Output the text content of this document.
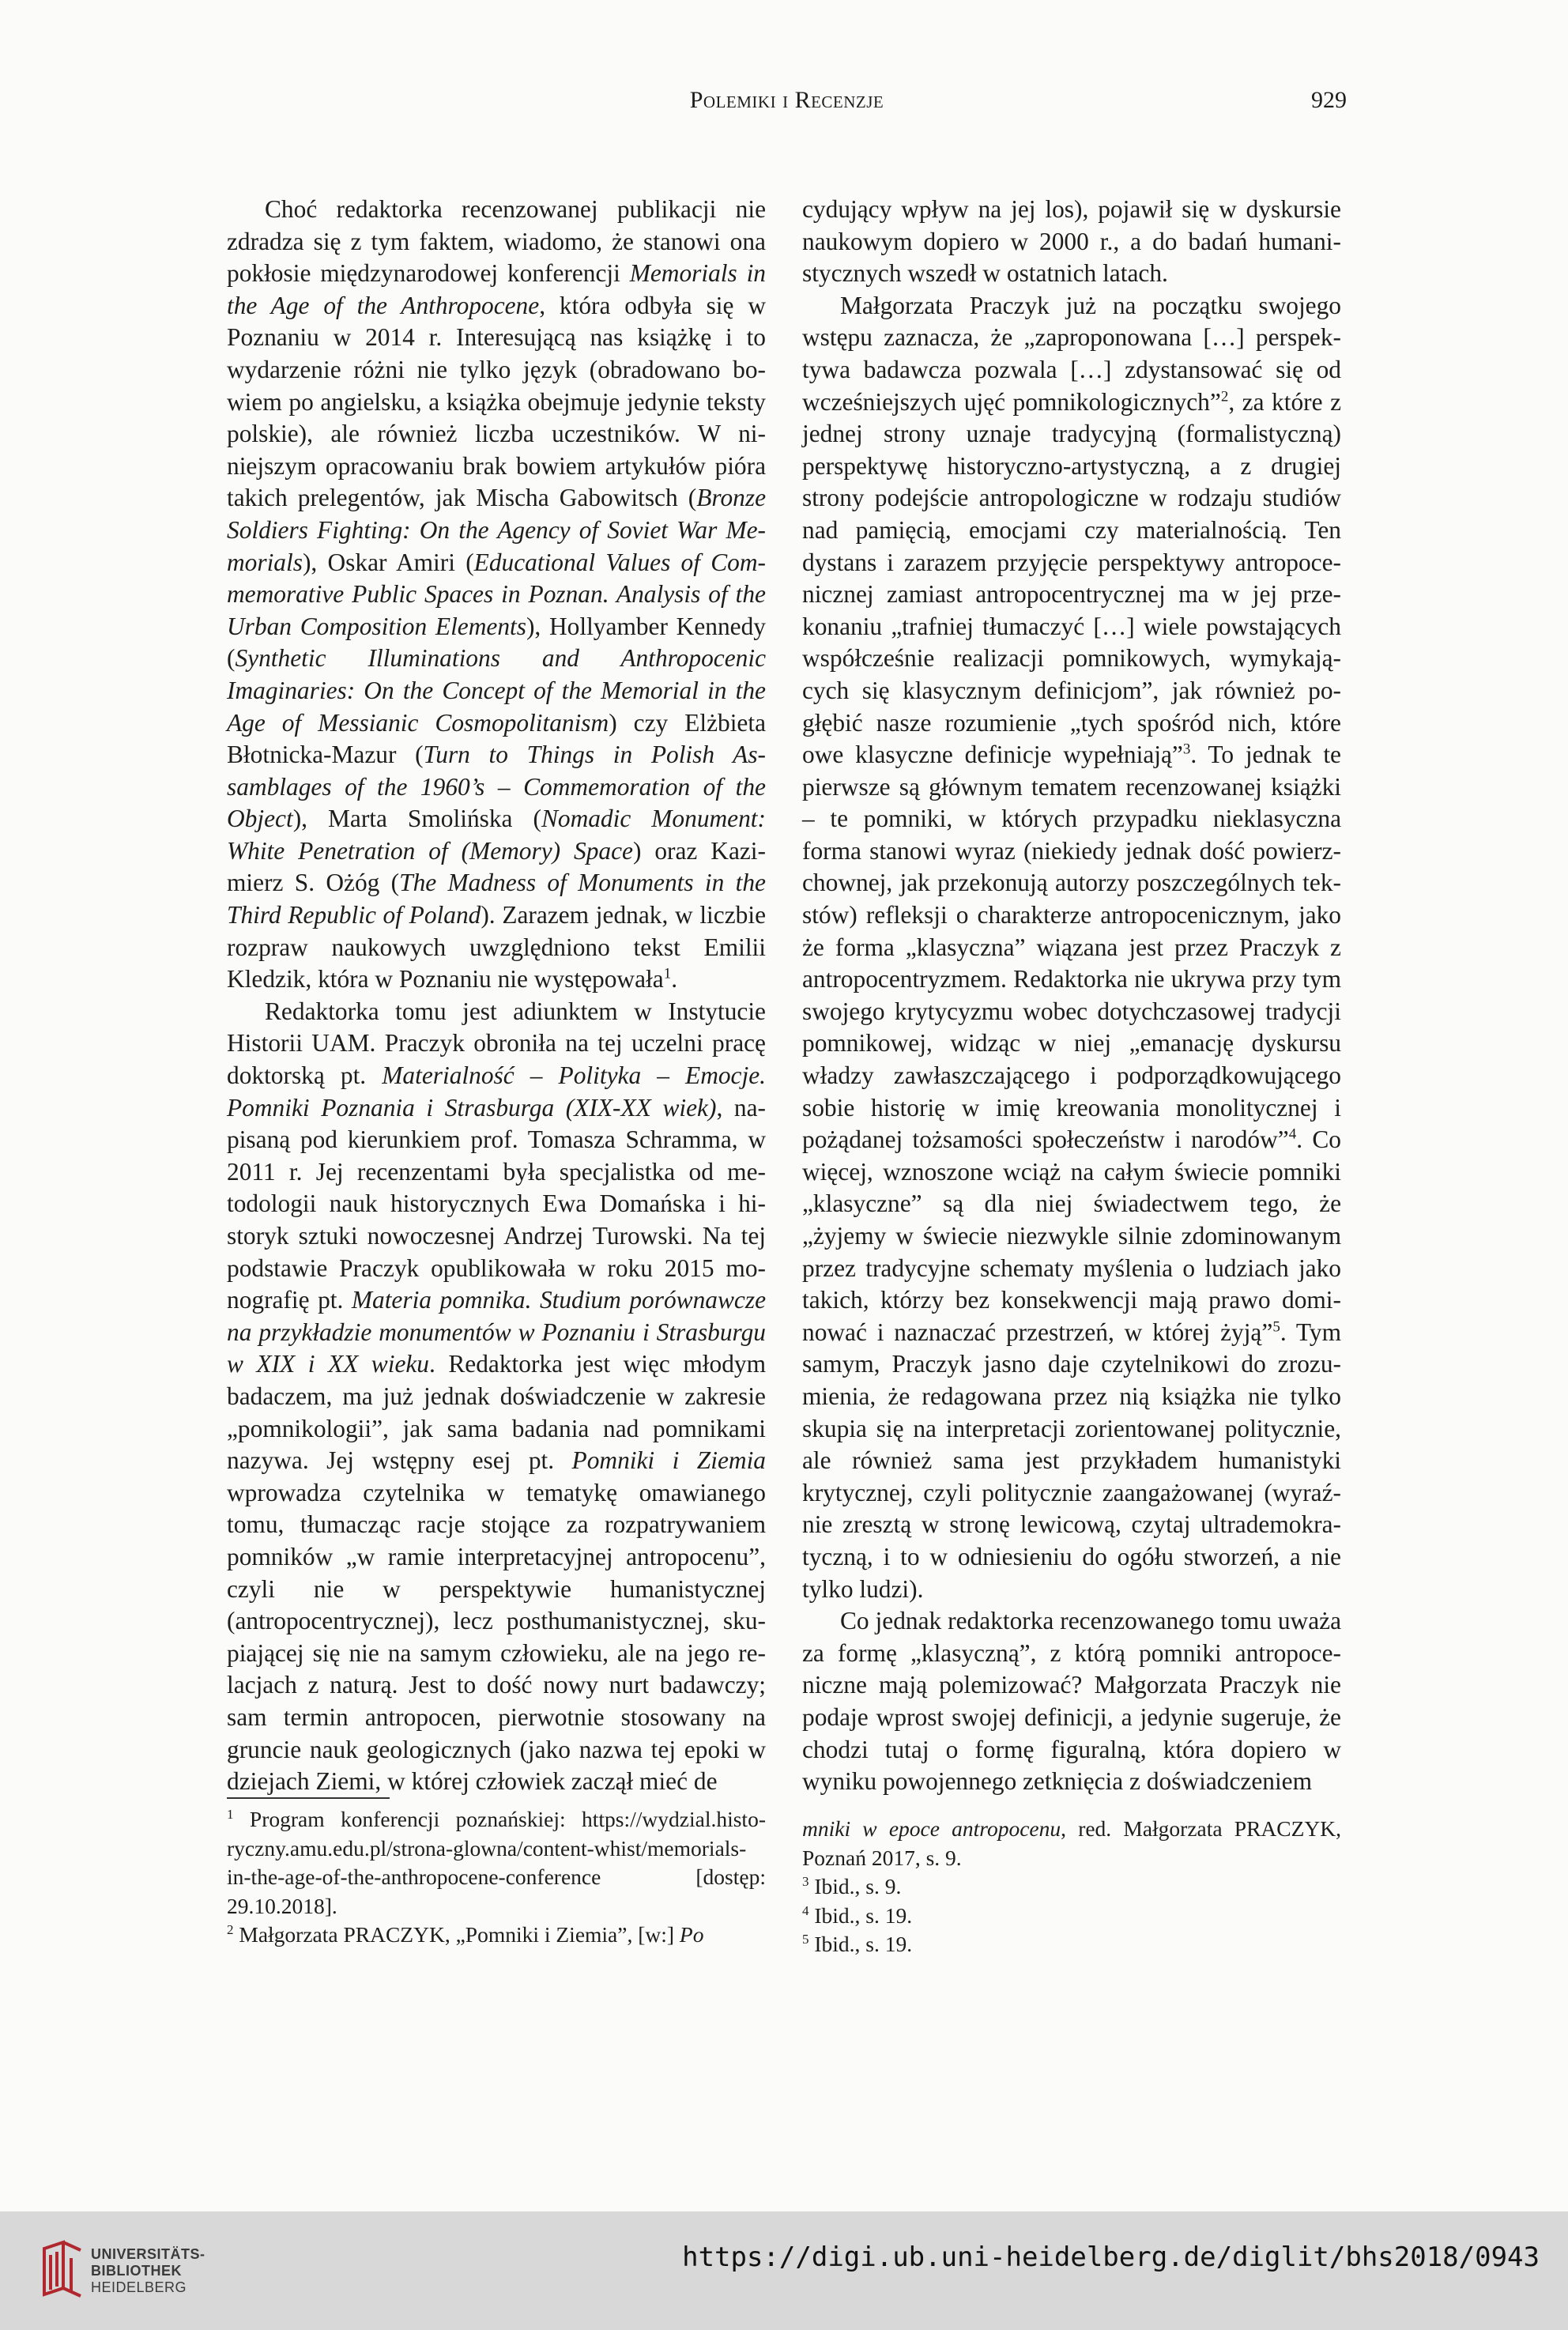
Polemiki i Recenzje	929

Choć redaktorka recenzowanej publikacji nie zdradza się z tym faktem, wiadomo, że stanowi ona pokłosie międzynarodowej konferencji Memorials in the Age of the Anthropocene, która odbyła się w Poznaniu w 2014 r. Interesującą nas książkę i to wydarzenie różni nie tylko język (obradowano bowiem po angielsku, a książka obejmuje jedynie teksty polskie), ale również liczba uczestników. W niniejszym opracowaniu brak bowiem artykułów pióra takich prelegentów, jak Mischa Gabowitsch (Bronze Soldiers Fighting: On the Agency of Soviet War Memorials), Oskar Amiri (Educational Values of Commemorative Public Spaces in Poznan. Analysis of the Urban Composition Elements), Hollyamber Kennedy (Synthetic Illuminations and Anthropocenic Imaginaries: On the Concept of the Memorial in the Age of Messianic Cosmopolitanism) czy Elżbieta Błotnicka-Mazur (Turn to Things in Polish Assamblages of the 1960’s – Commemoration of the Object), Marta Smolińska (Nomadic Monument: White Penetration of (Memory) Space) oraz Kazimierz S. Ożóg (The Madness of Monuments in the Third Republic of Poland). Zarazem jednak, w liczbie rozpraw naukowych uwzględniono tekst Emilii Kledzik, która w Poznaniu nie występowała$^1$.

Redaktorka tomu jest adiunktem w Instytucie Historii UAM. Praczyk obroniła na tej uczelni pracę doktorską pt. Materialność – Polityka – Emocje. Pomniki Poznania i Strasburga (XIX-XX wiek), napisaną pod kierunkiem prof. Tomasza Schramma, w 2011 r. Jej recenzentami była specjalistka od metodologii nauk historycznych Ewa Domańska i historyk sztuki nowoczesnej Andrzej Turowski. Na tej podstawie Praczyk opublikowała w roku 2015 monografię pt. Materia pomnika. Studium porównawcze na przykładzie monumentów w Poznaniu i Strasburgu w XIX i XX wieku. Redaktorka jest więc młodym badaczem, ma już jednak doświadczenie w zakresie „pomnikologii”, jak sama badania nad pomnikami nazywa. Jej wstępny esej pt. Pomniki i Ziemia wprowadza czytelnika w tematykę omawianego tomu, tłumacząc racje stojące za rozpatrywaniem pomników „w ramie interpretacyjnej antropocenu”, czyli nie w perspektywie humanistycznej (antropocentrycznej), lecz posthumanistycznej, skupiającej się nie na samym człowieku, ale na jego relacjach z naturą. Jest to dość nowy nurt badawczy; sam termin antropocen, pierwotnie stosowany na gruncie nauk geologicznych (jako nazwa tej epoki w dziejach Ziemi, w której człowiek zaczął mieć de

cydujący wpływ na jej los), pojawił się w dyskursie naukowym dopiero w 2000 r., a do badań humanistycznych wszedł w ostatnich latach.

Małgorzata Praczyk już na początku swojego wstępu zaznacza, że „zaproponowana […] perspektywa badawcza pozwala […] zdystansować się od wcześniejszych ujęć pomnikologicznych”$^2$, za które z jednej strony uznaje tradycyjną (formalistyczną) perspektywę historyczno-artystyczną, a z drugiej strony podejście antropologiczne w rodzaju studiów nad pamięcią, emocjami czy materialnością. Ten dystans i zarazem przyjęcie perspektywy antropocenicznej zamiast antropocentrycznej ma w jej przekonaniu „trafniej tłumaczyć […] wiele powstających współcześnie realizacji pomnikowych, wymykających się klasycznym definicjom”, jak również pogłębić nasze rozumienie „tych spośród nich, które owe klasyczne definicje wypełniają”$^3$. To jednak te pierwsze są głównym tematem recenzowanej książki – te pomniki, w których przypadku nieklasyczna forma stanowi wyraz (niekiedy jednak dość powierzchownej, jak przekonują autorzy poszczególnych tekstów) refleksji o charakterze antropocenicznym, jako że forma „klasyczna” wiązana jest przez Praczyk z antropocentryzmem. Redaktorka nie ukrywa przy tym swojego krytycyzmu wobec dotychczasowej tradycji pomnikowej, widząc w niej „emanację dyskursu władzy zawłaszczającego i podporządkowującego sobie historię w imię kreowania monolitycznej i pożądanej tożsamości społeczeństw i narodów”$^4$. Co więcej, wznoszone wciąż na całym świecie pomniki „klasyczne” są dla niej świadectwem tego, że „żyjemy w świecie niezwykle silnie zdominowanym przez tradycyjne schematy myślenia o ludziach jako takich, którzy bez konsekwencji mają prawo dominować i naznaczać przestrzeń, w której żyją”$^5$. Tym samym, Praczyk jasno daje czytelnikowi do zrozumienia, że redagowana przez nią książka nie tylko skupia się na interpretacji zorientowanej politycznie, ale również sama jest przykładem humanistyki krytycznej, czyli politycznie zaangażowanej (wyraźnie zresztą w stronę lewicową, czytaj ultrademokratyczną, i to w odniesieniu do ogółu stworzeń, a nie tylko ludzi).

Co jednak redaktorka recenzowanego tomu uważa za formę „klasyczną”, z którą pomniki antropoceniczne mają polemizować? Małgorzata Praczyk nie podaje wprost swojej definicji, a jedynie sugeruje, że chodzi tutaj o formę figuralną, która dopiero w wyniku powojennego zetknięcia z doświadczeniem

$^1$ Program konferencji poznańskiej: https://wydzial.historyczny.amu.edu.pl/strona-glowna/content-whist/memorials-in-the-age-of-the-anthropocene-conference [dostęp: 29.10.2018].

$^2$ Małgorzata PRACZYK, „Pomniki i Ziemia”, [w:] Po

mniki w epoce antropocenu, red. Małgorzata PRACZYK, Poznań 2017, s. 9.

$^3$ Ibid., s. 9.

$^4$ Ibid., s. 19.

$^5$ Ibid., s. 19.

UNIVERSITÄTS-
BIBLIOTHEK
HEIDELBERG
https://digi.ub.uni-heidelberg.de/diglit/bhs2018/0943
